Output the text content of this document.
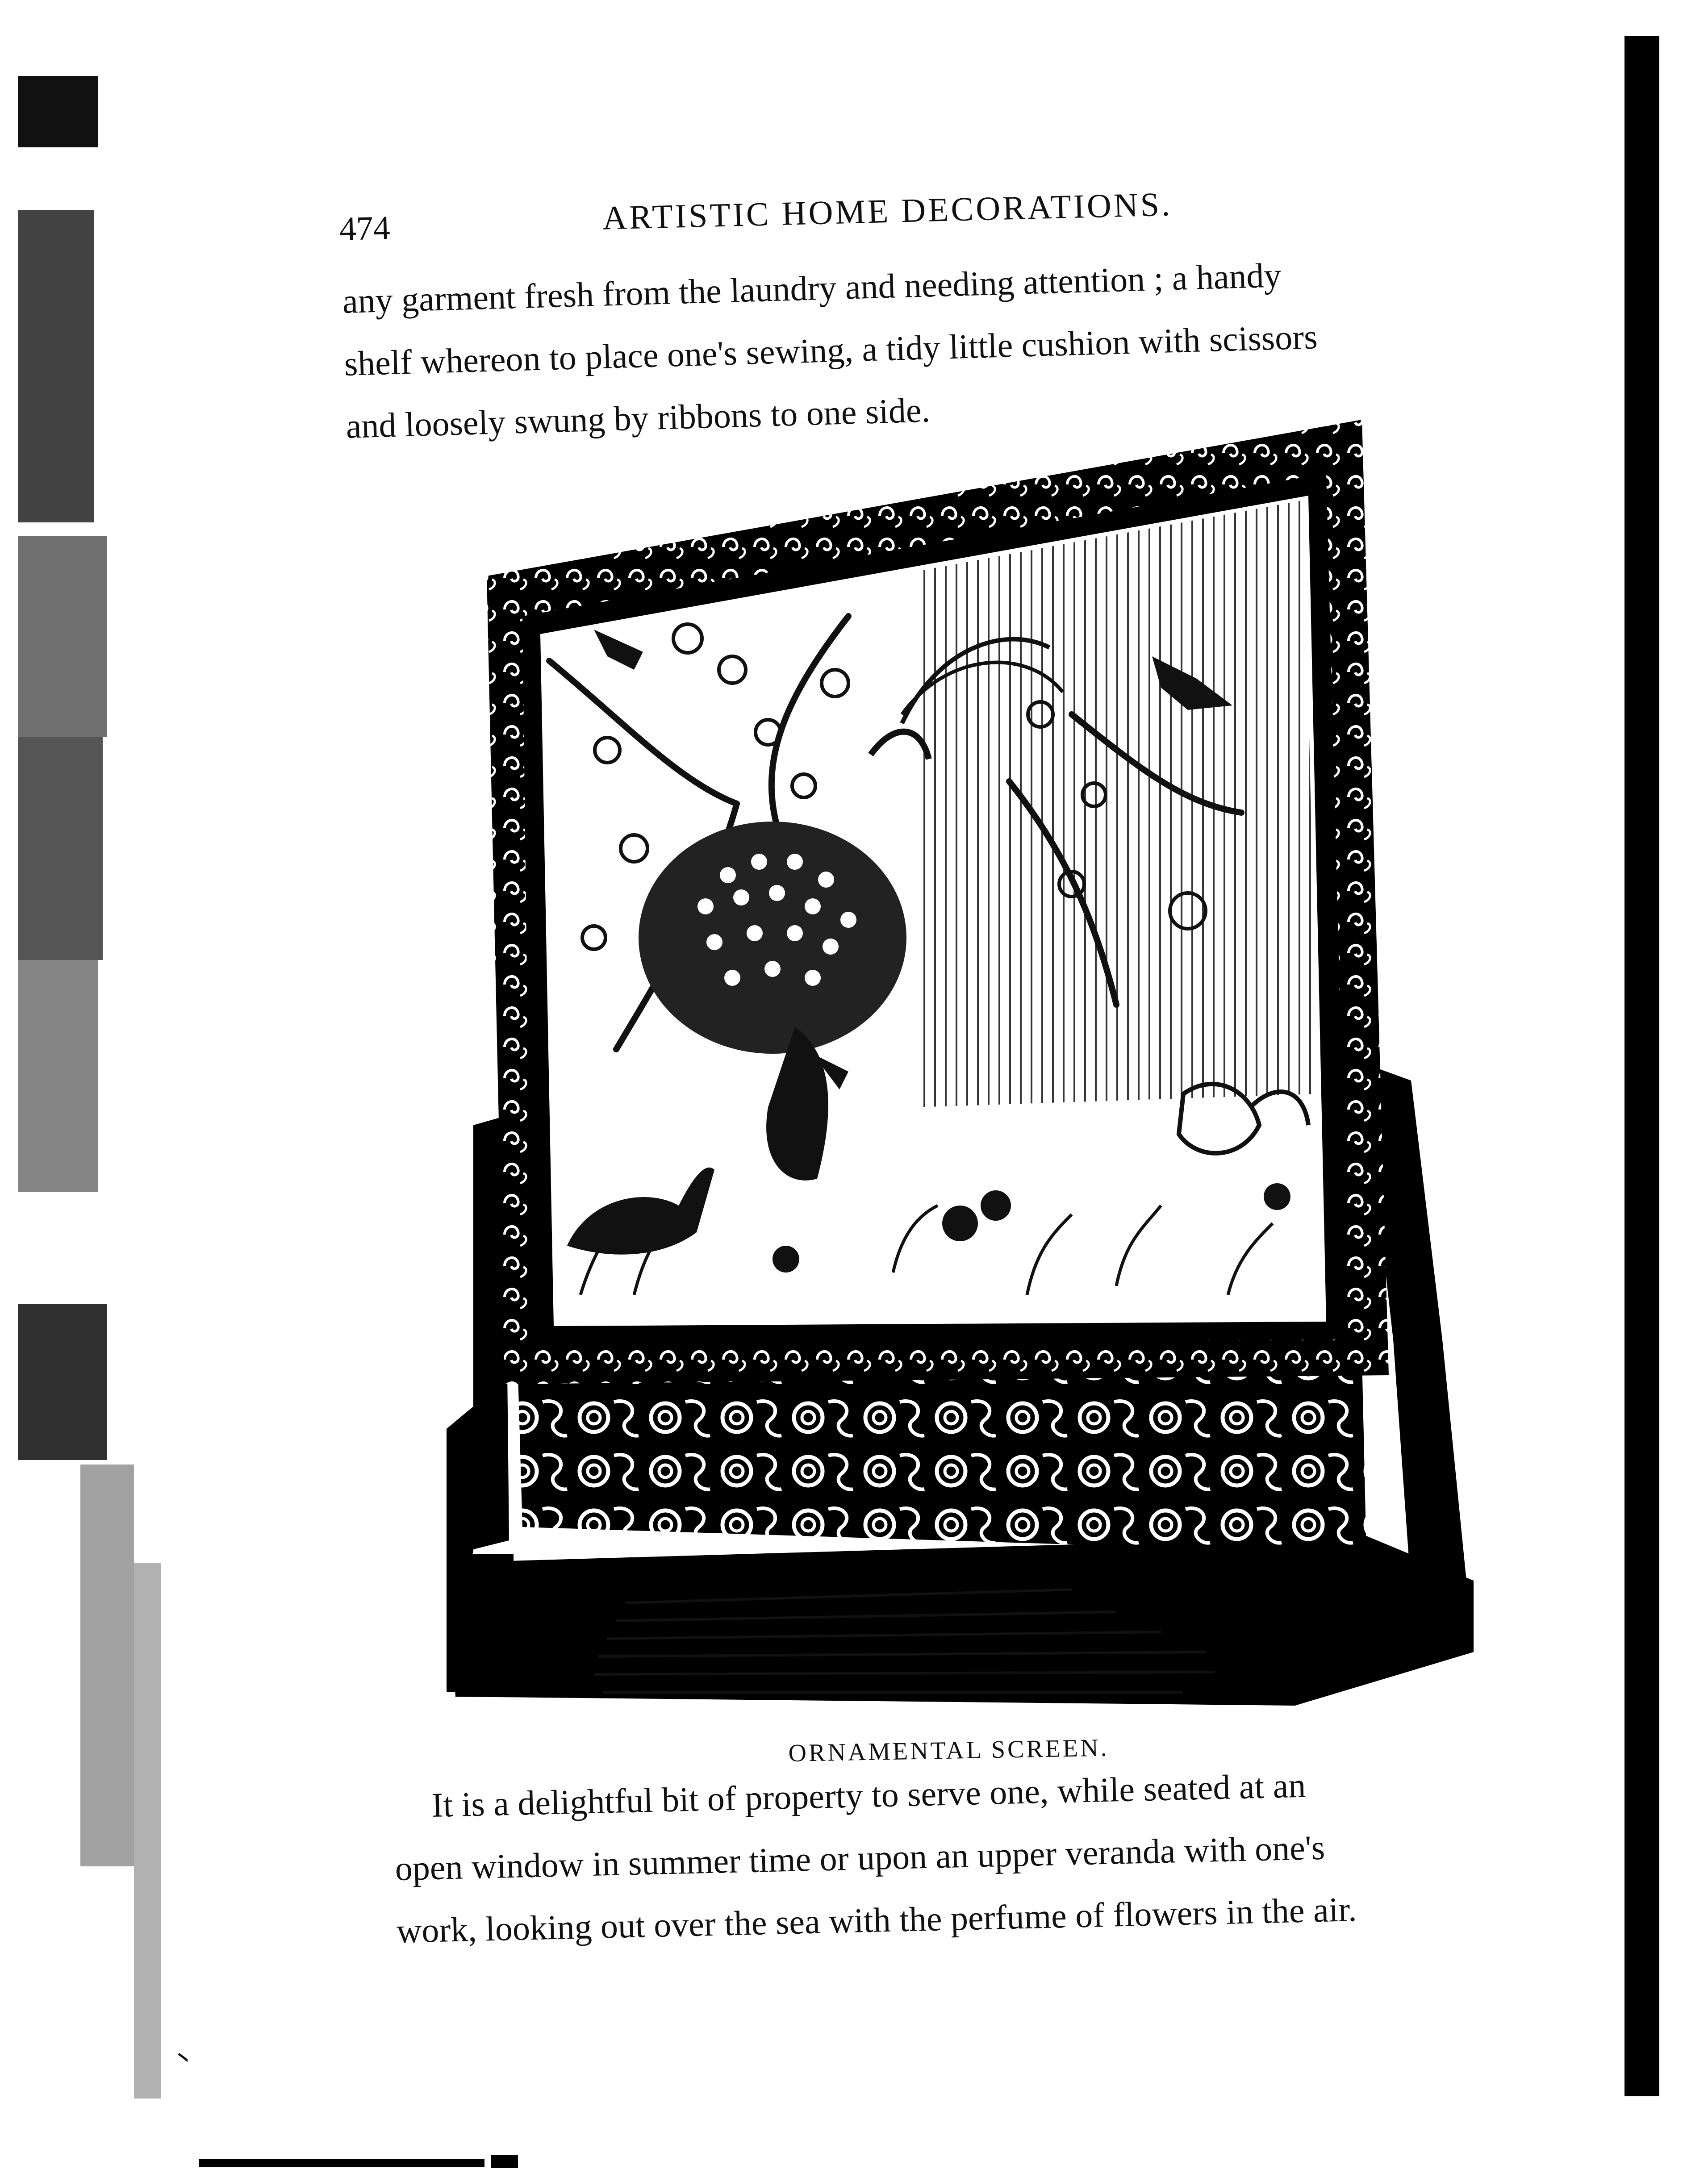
474	ARTISTIC HOME DECORATIONS.
any garment fresh from the laundry and needing attention ; a handy
shelf whereon to place one's sewing, a tidy little cushion with scissors
and loosely swung by ribbons to one side.
ORNAMENTAL SCREEN.
It is a delightful bit of property to serve one, while seated at an
open window in summer time or upon an upper veranda with one's
work, looking out over the sea with the perfume of flowers in the air.
